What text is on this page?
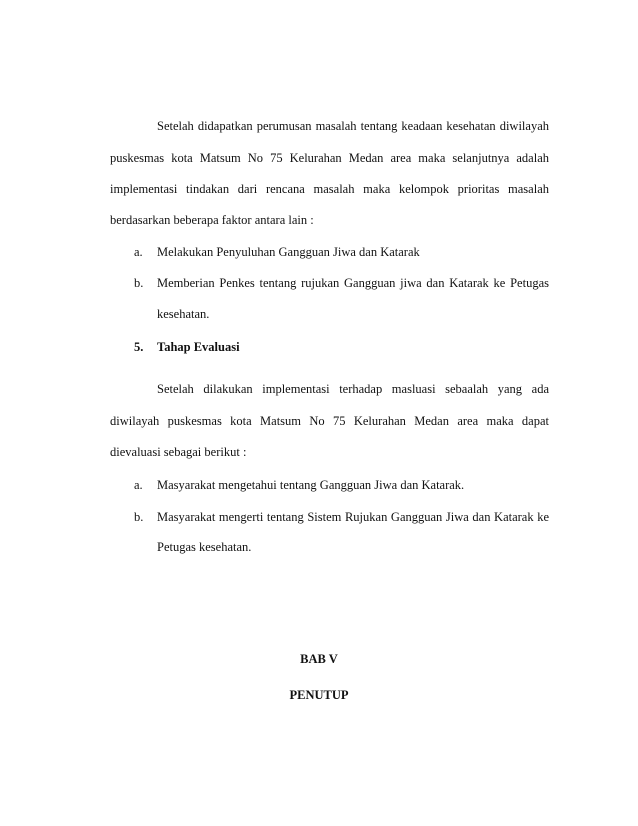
Setelah didapatkan perumusan masalah tentang keadaan kesehatan diwilayah
puskesmas kota Matsum No 75 Kelurahan Medan area maka selanjutnya adalah
implementasi tindakan dari rencana masalah maka kelompok prioritas masalah
berdasarkan beberapa faktor antara lain :
a. Melakukan Penyuluhan Gangguan Jiwa dan Katarak
b. Memberian Penkes tentang rujukan Gangguan jiwa dan Katarak ke Petugas
kesehatan.
5. Tahap Evaluasi
Setelah dilakukan implementasi terhadap masluasi sebaalah yang ada
diwilayah puskesmas kota Matsum No 75 Kelurahan Medan area maka dapat
dievaluasi sebagai berikut :
a. Masyarakat mengetahui tentang Gangguan Jiwa dan Katarak.
b. Masyarakat mengerti tentang Sistem Rujukan Gangguan Jiwa dan Katarak ke
Petugas kesehatan.
BAB V
PENUTUP
